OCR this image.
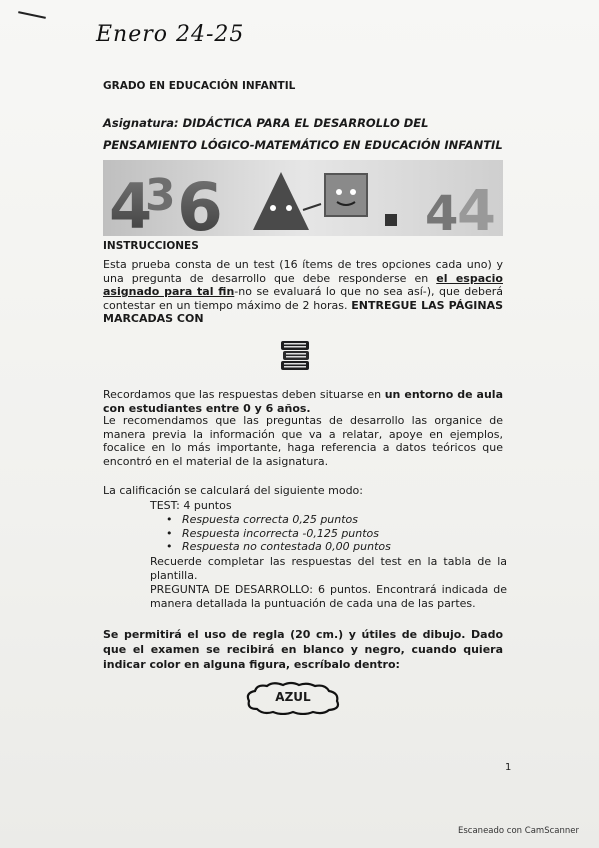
Enero 24-25
GRADO EN EDUCACIÓN INFANTIL
Asignatura: DIDÁCTICA PARA EL DESARROLLO DEL PENSAMIENTO LÓGICO-MATEMÁTICO EN EDUCACIÓN INFANTIL
4
3 6	4
4
INSTRUCCIONES
Esta prueba consta de un test (16 ítems de tres opciones cada uno) y una pregunta de desarrollo que debe responderse en el espacio asignado para tal fin-no se evaluará lo que no sea así-), que deberá contestar en un tiempo máximo de 2 horas. ENTREGUE LAS PÁGINAS MARCADAS CON
Recordamos que las respuestas deben situarse en un entorno de aula con estudiantes entre 0 y 6 años.
Le recomendamos que las preguntas de desarrollo las organice de manera previa la información que va a relatar, apoye en ejemplos, focalice en lo más importante, haga referencia a datos teóricos que encontró en el material de la asignatura.
La calificación se calculará del siguiente modo:
TEST: 4 puntos
• Respuesta correcta 0,25 puntos
• Respuesta incorrecta -0,125 puntos
• Respuesta no contestada 0,00 puntos
Recuerde completar las respuestas del test en la tabla de la plantilla.
PREGUNTA DE DESARROLLO: 6 puntos. Encontrará indicada de manera detallada la puntuación de cada una de las partes.
Se permitirá el uso de regla (20 cm.) y útiles de dibujo. Dado que el examen se recibirá en blanco y negro, cuando quiera indicar color en alguna figura, escríbalo dentro:
AZUL
1
Escaneado con CamScanner
